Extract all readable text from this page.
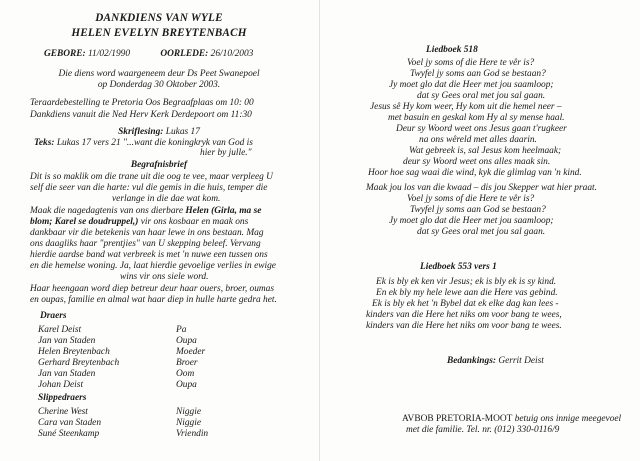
DANKDIENS VAN WYLE
HELEN EVELYN BREYTENBACH
GEBORE: 11/02/1990	OORLEDE: 26/10/2003
Die diens word waargeneem deur Ds Peet Swanepoel
op Donderdag 30 Oktober 2003.
Teraardebestelling te Pretoria Oos Begraafplaas om 10: 00
Dankdiens vanuit die Ned Herv Kerk Derdepoort om 11:30
Skriflesing: Lukas 17
Teks: Lukas 17 vers 21 "...want die koningkryk van God is
hier by julle."
Begrafnisbrief
Dit is so maklik om die trane uit die oog te vee, maar verpleeg U
self die seer van die harte: vul die gemis in die huis, temper die
verlange in die dae wat kom.
Maak die nagedagtenis van ons dierbare Helen (Girla, ma se
blom; Karel se doudruppel,) vir ons kosbaar en maak ons
dankbaar vir die betekenis van haar lewe in ons bestaan. Mag
ons daagliks haar "prentjies" van U skepping beleef. Vervang
hierdie aardse band wat verbreek is met 'n nuwe een tussen ons
en die hemelse woning. Ja, laat hierdie gevoelige verlies in ewige
wins vir ons siele word.
Haar heengaan word diep betreur deur haar ouers, broer, oumas
en oupas, familie en almal wat haar diep in hulle harte gedra het.
Draers
Karel Deist	Pa
Jan van Staden	Oupa
Helen Breytenbach	Moeder
Gerhard Breytenbach	Broer
Jan van Staden	Oom
Johan Deist	Oupa
Slippedraers
Cherine West	Niggie
Cara van Staden	Niggie
Suné Steenkamp	Vriendin
Liedboek 518
Voel jy soms of die Here te vêr is?
Twyfel jy soms aan God se bestaan?
Jy moet glo dat die Heer met jou saamloop;
dat sy Gees oral met jou sal gaan.
Jesus sê Hy kom weer, Hy kom uit die hemel neer –
met basuin en geskal kom Hy al sy mense haal.
Deur sy Woord weet ons Jesus gaan t'rugkeer
na ons wêreld met alles daarin.
Wat gebreek is, sal Jesus kom heelmaak;
deur sy Woord weet ons alles maak sin.
Hoor hoe sag waai die wind, kyk die glimlag van 'n kind.
Maak jou los van die kwaad – dis jou Skepper wat hier praat.
Voel jy soms of die Here te vêr is?
Twyfel jy soms aan God se bestaan?
Jy moet glo dat die Heer met jou saamloop;
dat sy Gees oral met jou sal gaan.
Liedboek 553 vers 1
Ek is bly ek ken vir Jesus; ek is bly ek is sy kind.
En ek bly my hele lewe aan die Here vas gebind.
Ek is bly ek het 'n Bybel dat ek elke dag kan lees -
kinders van die Here het niks om voor bang te wees,
kinders van die Here het niks om voor bang te wees.
Bedankings: Gerrit Deist
AVBOB PRETORIA-MOOT betuig ons innige meegevoel
met die familie. Tel. nr. (012) 330-0116/9
